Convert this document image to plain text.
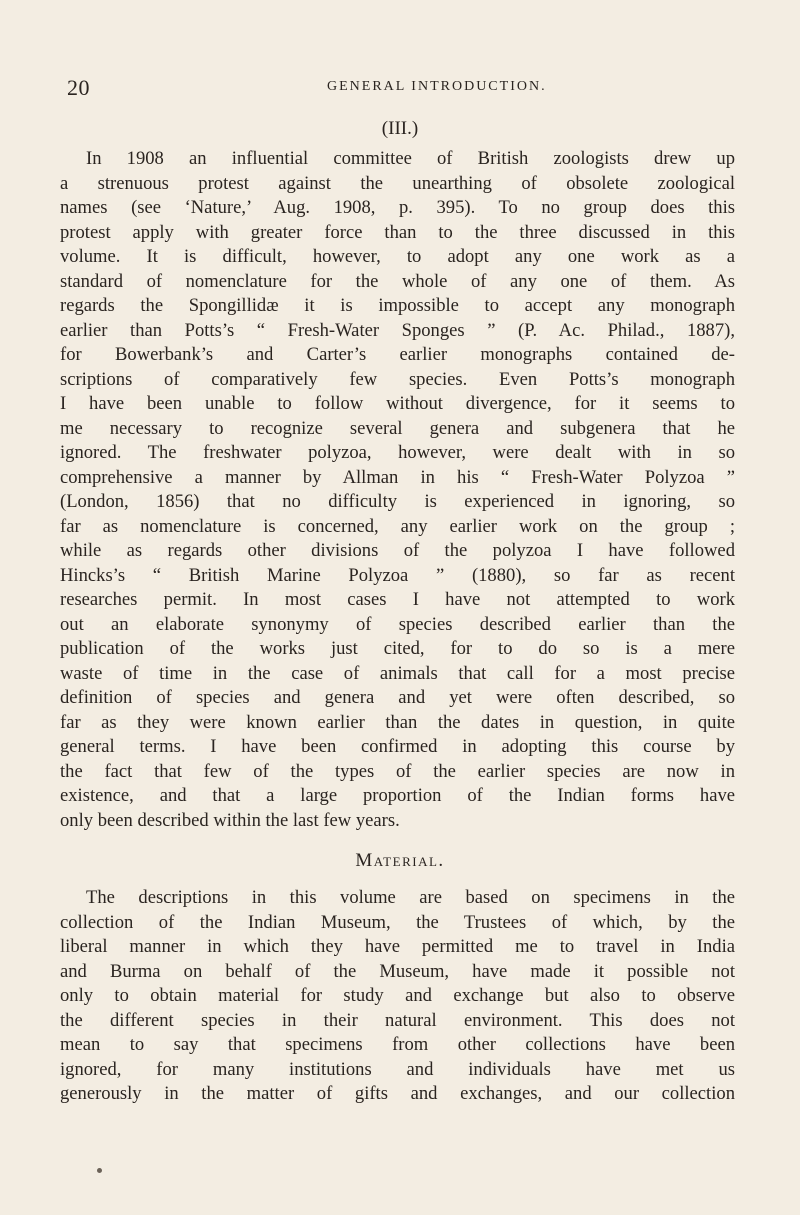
20	GENERAL INTRODUCTION.
(III.)
In 1908 an influential committee of British zoologists drew up
a strenuous protest against the unearthing of obsolete zoological
names (see ‘Nature,’ Aug. 1908, p. 395). To no group does this
protest apply with greater force than to the three discussed in this
volume. It is difficult, however, to adopt any one work as a
standard of nomenclature for the whole of any one of them. As
regards the Spongillidæ it is impossible to accept any monograph
earlier than Potts’s “ Fresh-Water Sponges ” (P. Ac. Philad., 1887),
for Bowerbank’s and Carter’s earlier monographs contained de-
scriptions of comparatively few species. Even Potts’s monograph
I have been unable to follow without divergence, for it seems to
me necessary to recognize several genera and subgenera that he
ignored. The freshwater polyzoa, however, were dealt with in so
comprehensive a manner by Allman in his “ Fresh-Water Polyzoa ”
(London, 1856) that no difficulty is experienced in ignoring, so
far as nomenclature is concerned, any earlier work on the group ;
while as regards other divisions of the polyzoa I have followed
Hincks’s “ British Marine Polyzoa ” (1880), so far as recent
researches permit. In most cases I have not attempted to work
out an elaborate synonymy of species described earlier than the
publication of the works just cited, for to do so is a mere
waste of time in the case of animals that call for a most precise
definition of species and genera and yet were often described, so
far as they were known earlier than the dates in question, in quite
general terms. I have been confirmed in adopting this course by
the fact that few of the types of the earlier species are now in
existence, and that a large proportion of the Indian forms have
only been described within the last few years.
Material.
The descriptions in this volume are based on specimens in the
collection of the Indian Museum, the Trustees of which, by the
liberal manner in which they have permitted me to travel in India
and Burma on behalf of the Museum, have made it possible not
only to obtain material for study and exchange but also to observe
the different species in their natural environment. This does not
mean to say that specimens from other collections have been
ignored, for many institutions and individuals have met us
generously in the matter of gifts and exchanges, and our collection
